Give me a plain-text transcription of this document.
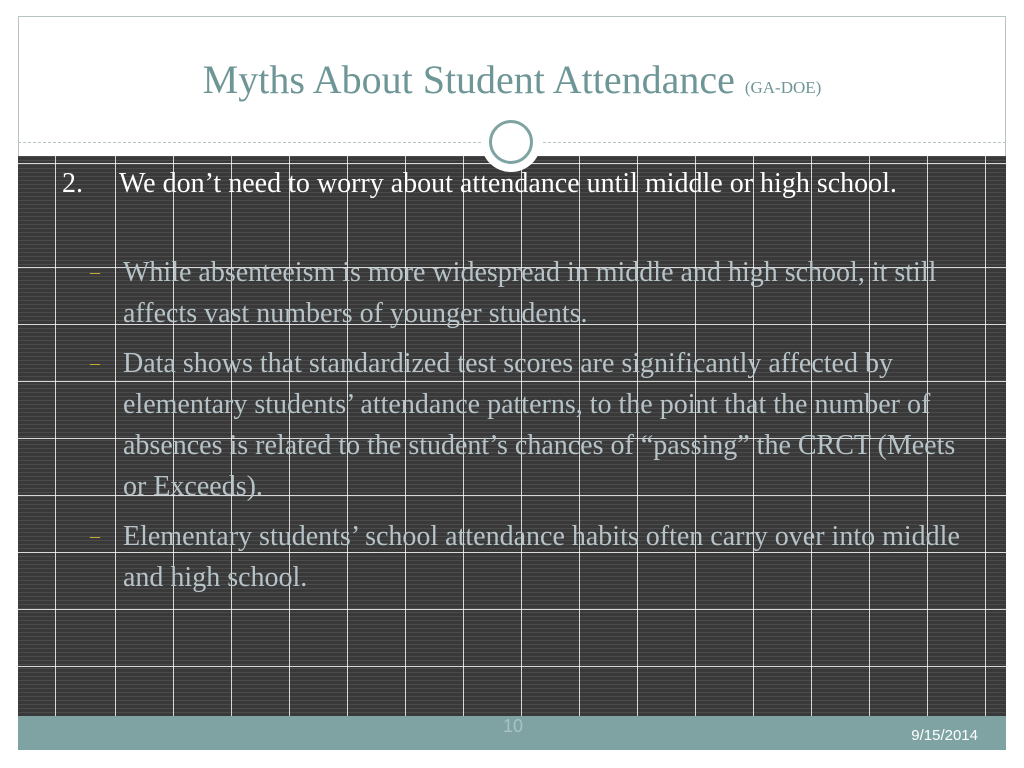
Myths About Student Attendance (GA-DOE)
2. We don’t need to worry about attendance until middle or high school.
– While absenteeism is more widespread in middle and high school, it still affects vast numbers of younger students.
– Data shows that standardized test scores are significantly affected by elementary students’ attendance patterns, to the point that the number of absences is related to the student’s chances of “passing” the CRCT (Meets or Exceeds).
– Elementary students’ school attendance habits often carry over into middle and high school.
10	9/15/2014
